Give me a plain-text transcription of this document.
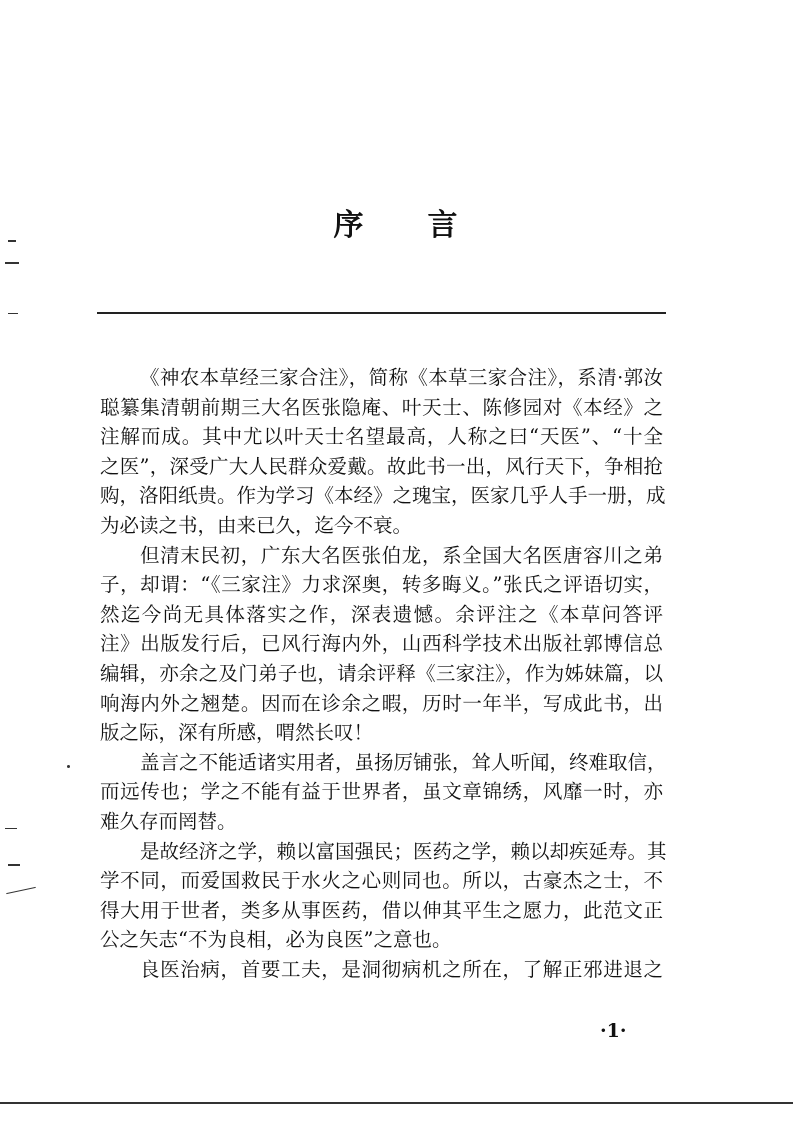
序 言
《神农本草经三家合注》，简称《本草三家合注》，系清·郭汝
聪纂集清朝前期三大名医张隐庵、叶天士、陈修园对《本经》之
注解而成。其中尤以叶天士名望最高，人称之曰“天医”、“十全
之医”，深受广大人民群众爱戴。故此书一出，风行天下，争相抢
购，洛阳纸贵。作为学习《本经》之瑰宝，医家几乎人手一册，成
为必读之书，由来已久，迄今不衰。
但清末民初，广东大名医张伯龙，系全国大名医唐容川之弟
子，却谓：“《三家注》力求深奥，转多晦义。”张氏之评语切实，
然迄今尚无具体落实之作，深表遗憾。余评注之《本草问答评
注》出版发行后，已风行海内外，山西科学技术出版社郭博信总
编辑，亦余之及门弟子也，请余评释《三家注》，作为姊妹篇，以
响海内外之翘楚。因而在诊余之暇，历时一年半，写成此书，出
版之际，深有所感，喟然长叹！
盖言之不能适诸实用者，虽扬厉铺张，耸人听闻，终难取信，
而远传也；学之不能有益于世界者，虽文章锦绣，风靡一时，亦
难久存而罔替。
是故经济之学，赖以富国强民；医药之学，赖以却疾延寿。其
学不同，而爱国救民于水火之心则同也。所以，古豪杰之士，不
得大用于世者，类多从事医药，借以伸其平生之愿力，此范文正
公之矢志“不为良相，必为良医”之意也。
良医治病，首要工夫，是洞彻病机之所在，了解正邪进退之
·1·
